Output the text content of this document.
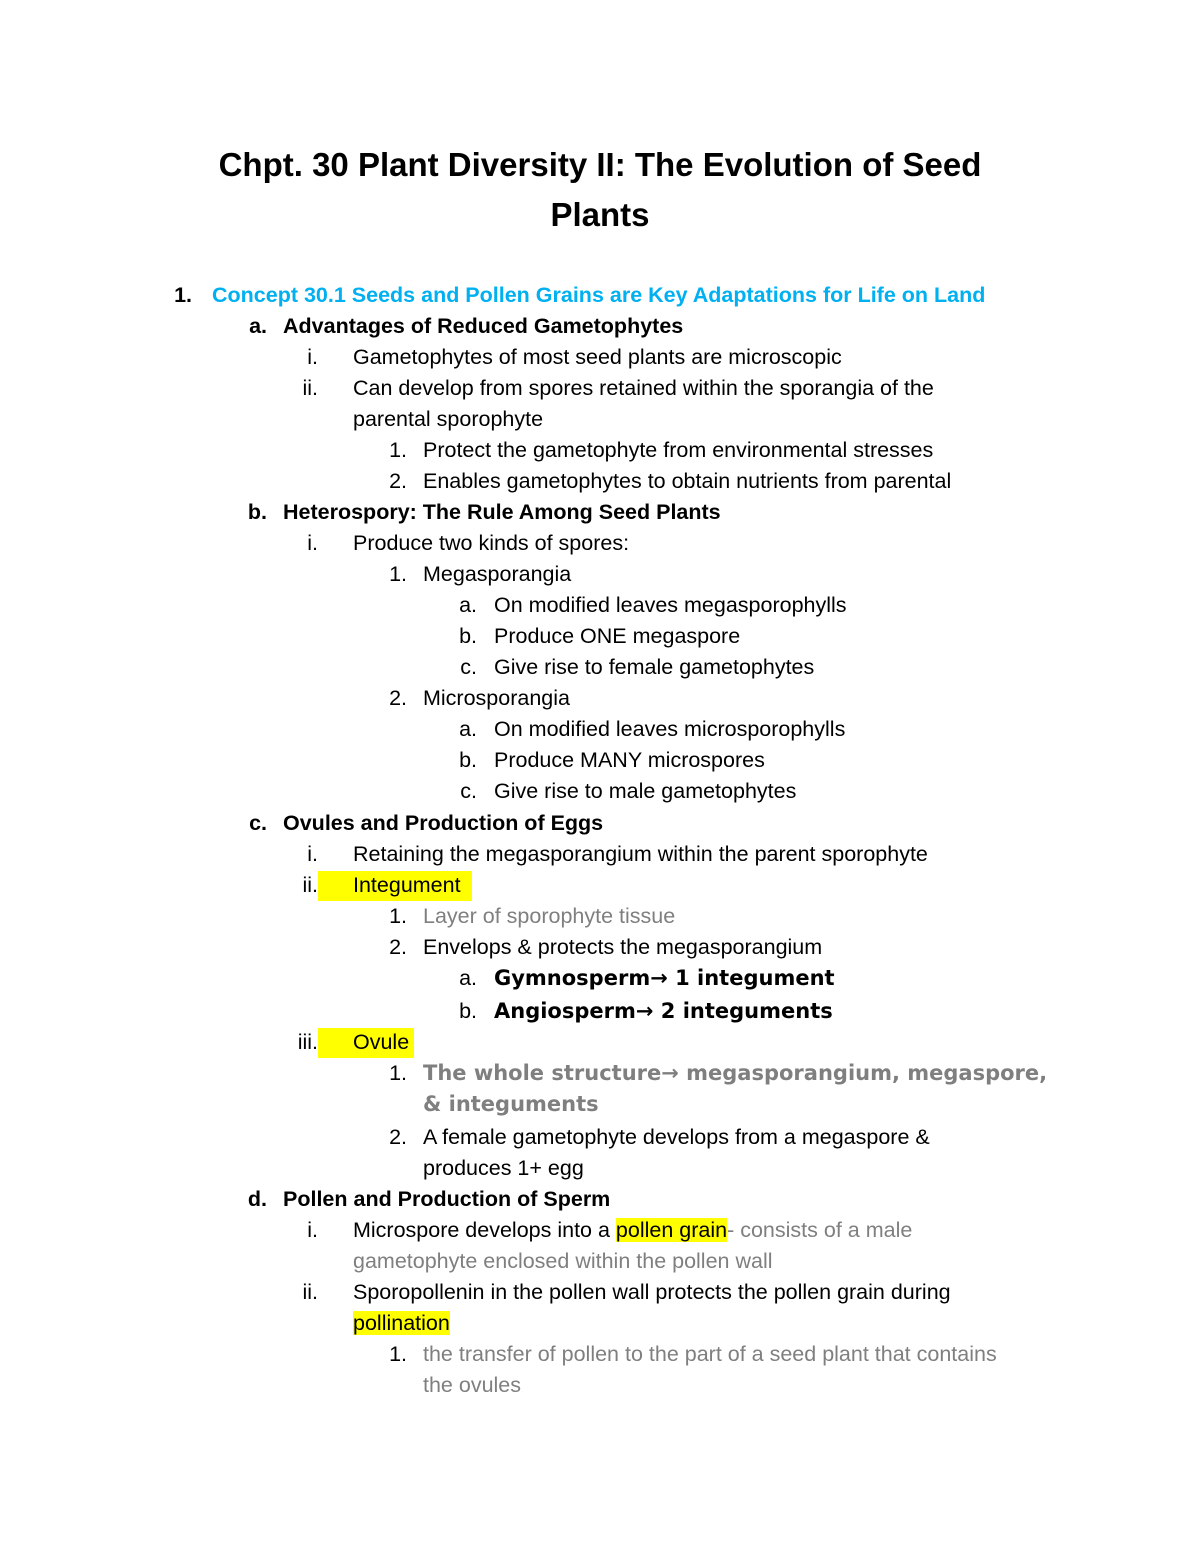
Chpt. 30 Plant Diversity II: The Evolution of Seed
Plants
1. Concept 30.1 Seeds and Pollen Grains are Key Adaptations for Life on Land
a. Advantages of Reduced Gametophytes
i. Gametophytes of most seed plants are microscopic
ii. Can develop from spores retained within the sporangia of the
parental sporophyte
1. Protect the gametophyte from environmental stresses
2. Enables gametophytes to obtain nutrients from parental
b. Heterospory: The Rule Among Seed Plants
i. Produce two kinds of spores:
1. Megasporangia
a. On modified leaves megasporophylls
b. Produce ONE megaspore
c. Give rise to female gametophytes
2. Microsporangia
a. On modified leaves microsporophylls
b. Produce MANY microspores
c. Give rise to male gametophytes
c. Ovules and Production of Eggs
i. Retaining the megasporangium within the parent sporophyte
ii. Integument
1. Layer of sporophyte tissue
2. Envelops & protects the megasporangium
a. Gymnosperm→ 1 integument
b. Angiosperm→ 2 integuments
iii. Ovule
1. The whole structure→ megasporangium, megaspore,
& integuments
2. A female gametophyte develops from a megaspore &
produces 1+ egg
d. Pollen and Production of Sperm
i. Microspore develops into a pollen grain- consists of a male
gametophyte enclosed within the pollen wall
ii. Sporopollenin in the pollen wall protects the pollen grain during
pollination
1. the transfer of pollen to the part of a seed plant that contains
the ovules
